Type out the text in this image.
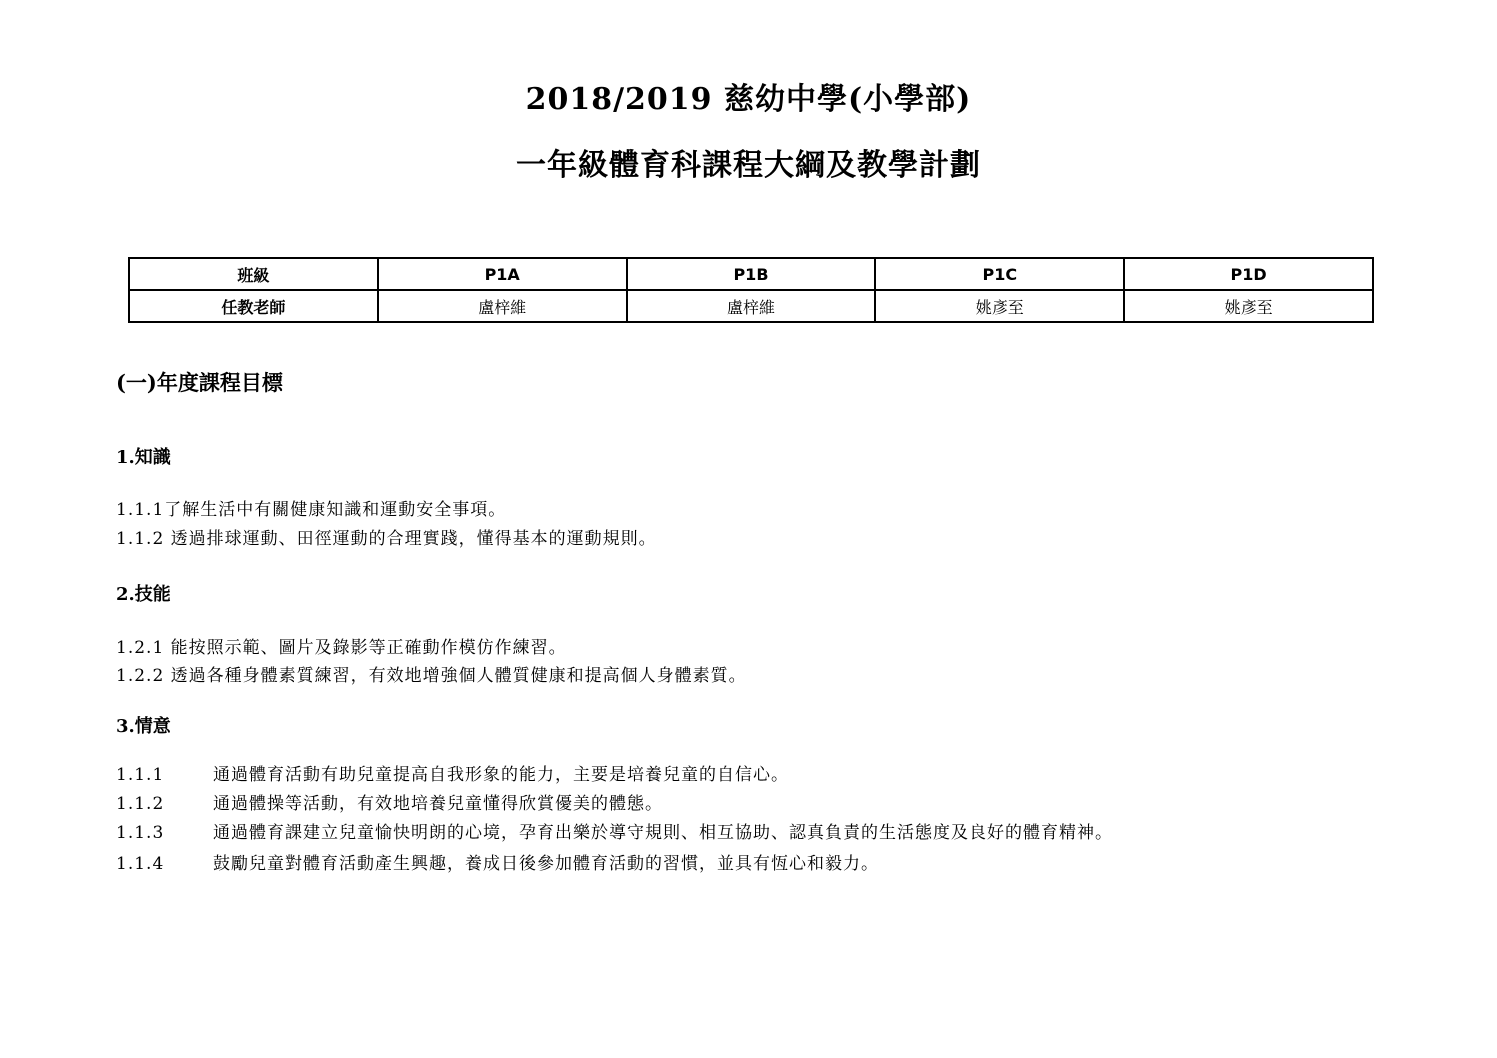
2018/2019 慈幼中學(小學部)
一年級體育科課程大綱及教學計劃
班級	P1A	P1B	P1C	P1D
任教老師	盧梓維	盧梓維	姚彥至	姚彥至
(一)年度課程目標
1.知識
1.1.1了解生活中有關健康知識和運動安全事項。
1.1.2 透過排球運動、田徑運動的合理實踐，懂得基本的運動規則。
2.技能
1.2.1 能按照示範、圖片及錄影等正確動作模仿作練習。
1.2.2 透過各種身體素質練習，有效地增強個人體質健康和提高個人身體素質。
3.情意
1.1.1	通過體育活動有助兒童提高自我形象的能力，主要是培養兒童的自信心。
1.1.2	通過體操等活動，有效地培養兒童懂得欣賞優美的體態。
1.1.3	通過體育課建立兒童愉快明朗的心境，孕育出樂於導守規則、相互協助、認真負責的生活態度及良好的體育精神。
1.1.4	鼓勵兒童對體育活動產生興趣，養成日後參加體育活動的習慣，並具有恆心和毅力。
